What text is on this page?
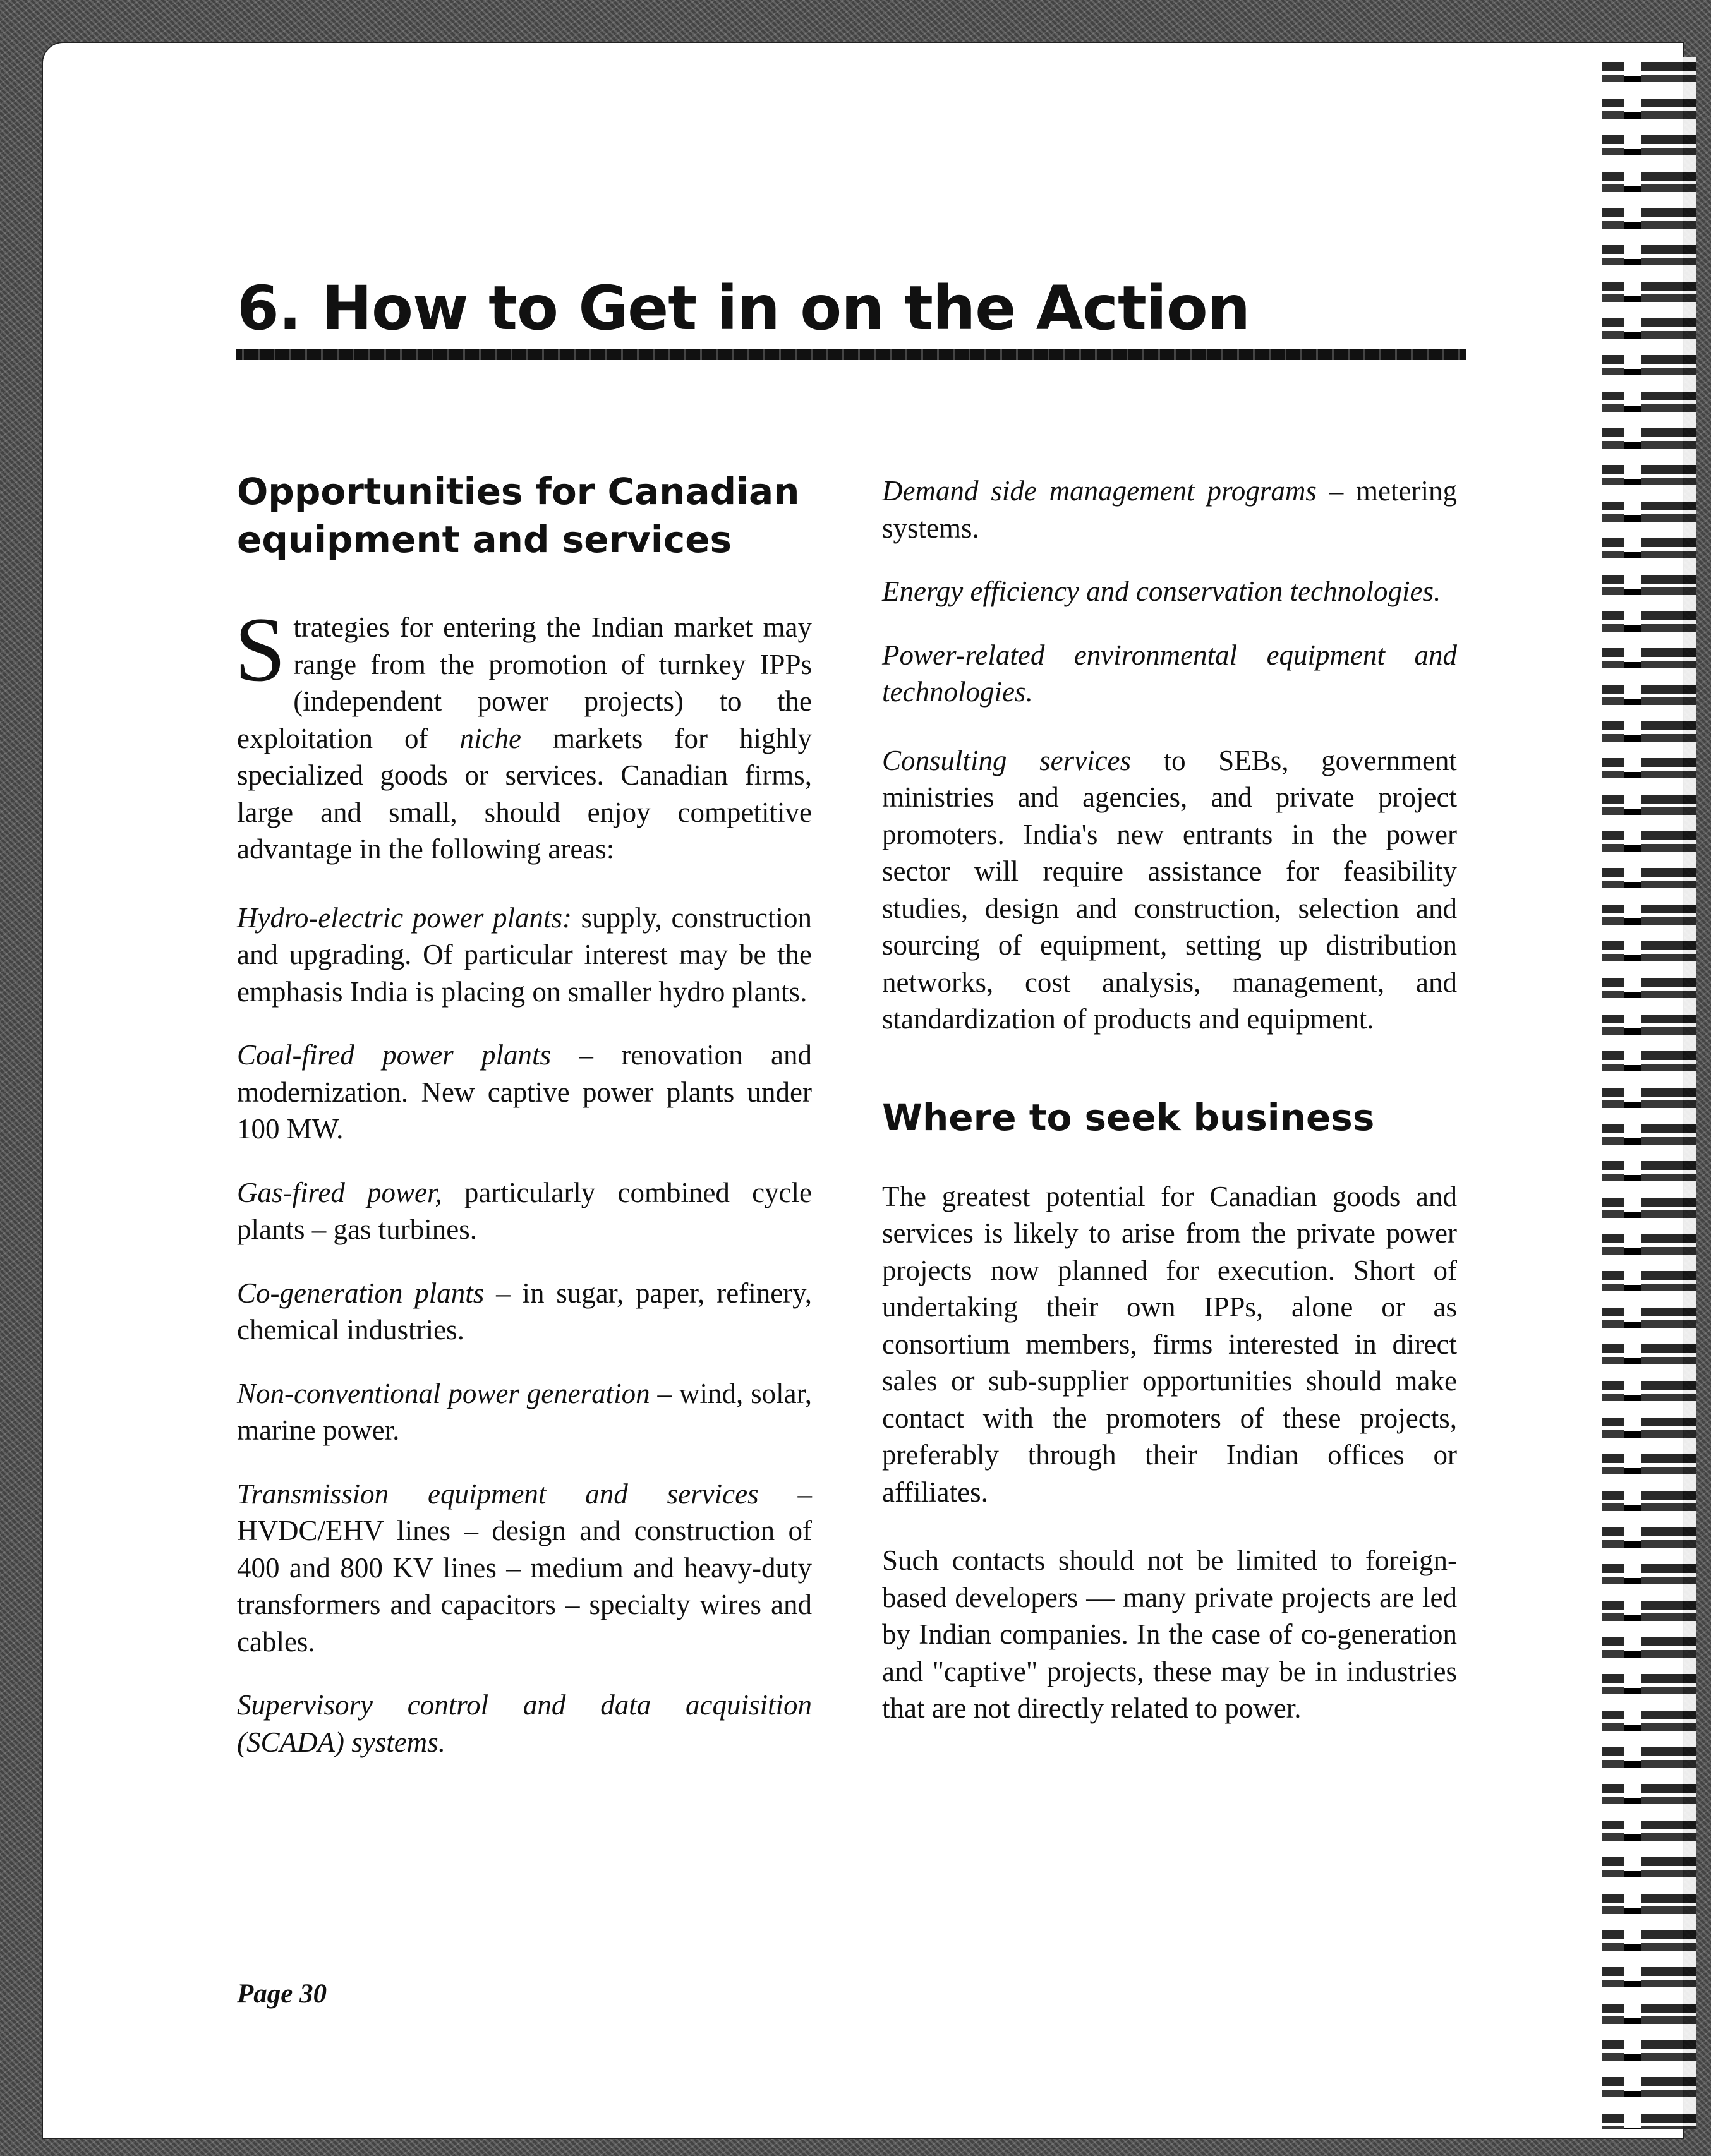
6. How to Get in on the Action
Opportunities for Canadian
equipment and services

Strategies for entering the Indian market may range from the promotion of turnkey IPPs (independent power projects) to the exploitation of niche markets for highly specialized goods or services. Canadian firms, large and small, should enjoy competitive advantage in the following areas:

Hydro-electric power plants: supply, construction and upgrading. Of particular interest may be the emphasis India is placing on smaller hydro plants.

Coal-fired power plants – renovation and modernization. New captive power plants under 100 MW.

Gas-fired power, particularly combined cycle plants – gas turbines.

Co-generation plants – in sugar, paper, refinery, chemical industries.

Non-conventional power generation – wind, solar, marine power.

Transmission equipment and services – HVDC/EHV lines – design and construction of 400 and 800 KV lines – medium and heavy-duty transformers and capacitors – specialty wires and cables.

Supervisory control and data acquisition (SCADA) systems.

Demand side management programs – metering systems.

Energy efficiency and conservation technologies.

Power-related environmental equipment and technologies.

Consulting services to SEBs, government ministries and agencies, and private project promoters. India's new entrants in the power sector will require assistance for feasibility studies, design and construction, selection and sourcing of equipment, setting up distribution networks, cost analysis, management, and standardization of products and equipment.

Where to seek business

The greatest potential for Canadian goods and services is likely to arise from the private power projects now planned for execution. Short of undertaking their own IPPs, alone or as consortium members, firms interested in direct sales or sub-supplier opportunities should make contact with the promoters of these projects, preferably through their Indian offices or affiliates.

Such contacts should not be limited to foreign-based developers — many private projects are led by Indian companies. In the case of co-generation and "captive" projects, these may be in industries that are not directly related to power.

Page 30
